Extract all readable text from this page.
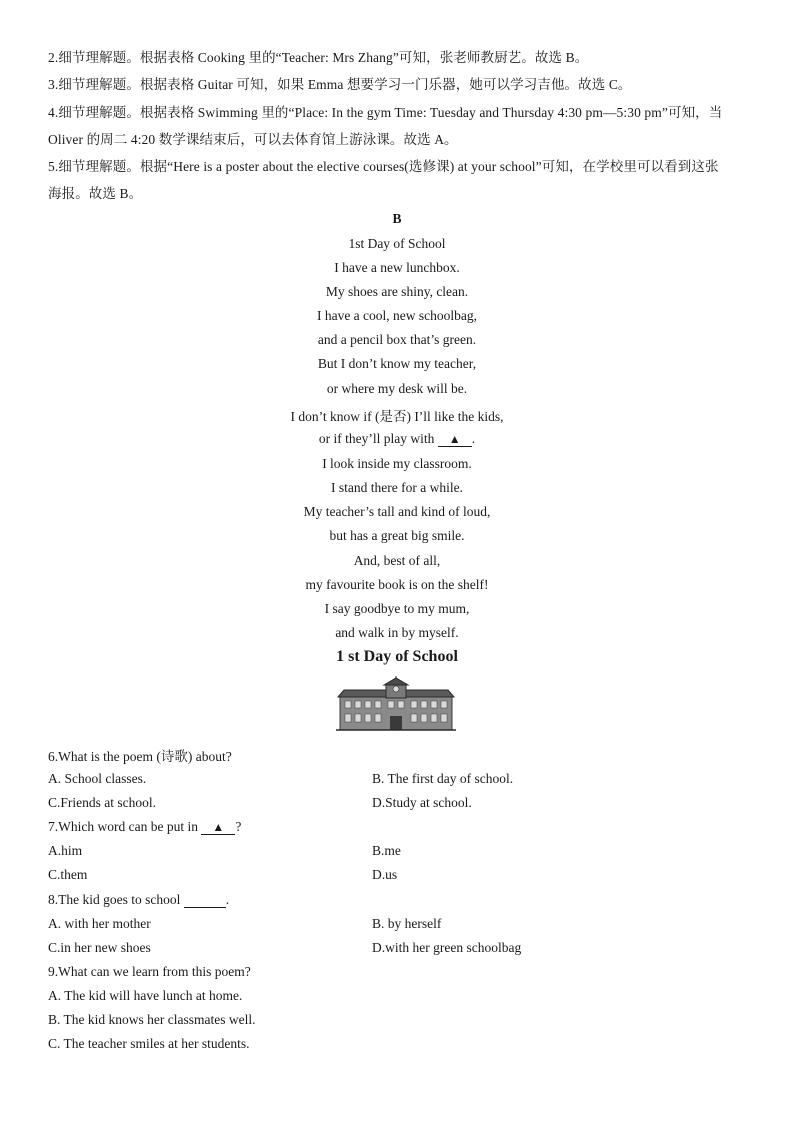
2.细节理解题。根据表格 Cooking 里的“Teacher: Mrs Zhang”可知，张老师教厨艺。故选 B。
3.细节理解题。根据表格 Guitar 可知，如果 Emma 想要学习一门乐器，她可以学习吉他。故选 C。
4.细节理解题。根据表格 Swimming 里的“Place: In the gym Time: Tuesday and Thursday 4:30 pm—5:30 pm”可知，当
Oliver 的周二 4:20 数学课结束后，可以去体育馆上游泳课。故选 A。
5.细节理解题。根据“Here is a poster about the elective courses(选修课) at your school”可知，在学校里可以看到这张
海报。故选 B。
B
1st Day of School
I have a new lunchbox.
My shoes are shiny, clean.
I have a cool, new schoolbag,
and a pencil box that’s green.
But I don’t know my teacher,
or where my desk will be.
I don’t know if (是否) I’ll like the kids,
or if they’ll play with ▲ .
I look inside my classroom.
I stand there for a while.
My teacher’s tall and kind of loud,
but has a great big smile.
And, best of all,
my favourite book is on the shelf!
I say goodbye to my mum,
and walk in by myself.
1 st Day of School
6.What is the poem (诗歌) about?
A. School classes.	B. The first day of school.
C.Friends at school.	D.Study at school.
7.Which word can be put in ▲ ?
A.him	B.me
C.them	D.us
8.The kid goes to school	.
A. with her mother	B. by herself
C.in her new shoes	D.with her green schoolbag
9.What can we learn from this poem?
A. The kid will have lunch at home.
B. The kid knows her classmates well.
C. The teacher smiles at her students.
